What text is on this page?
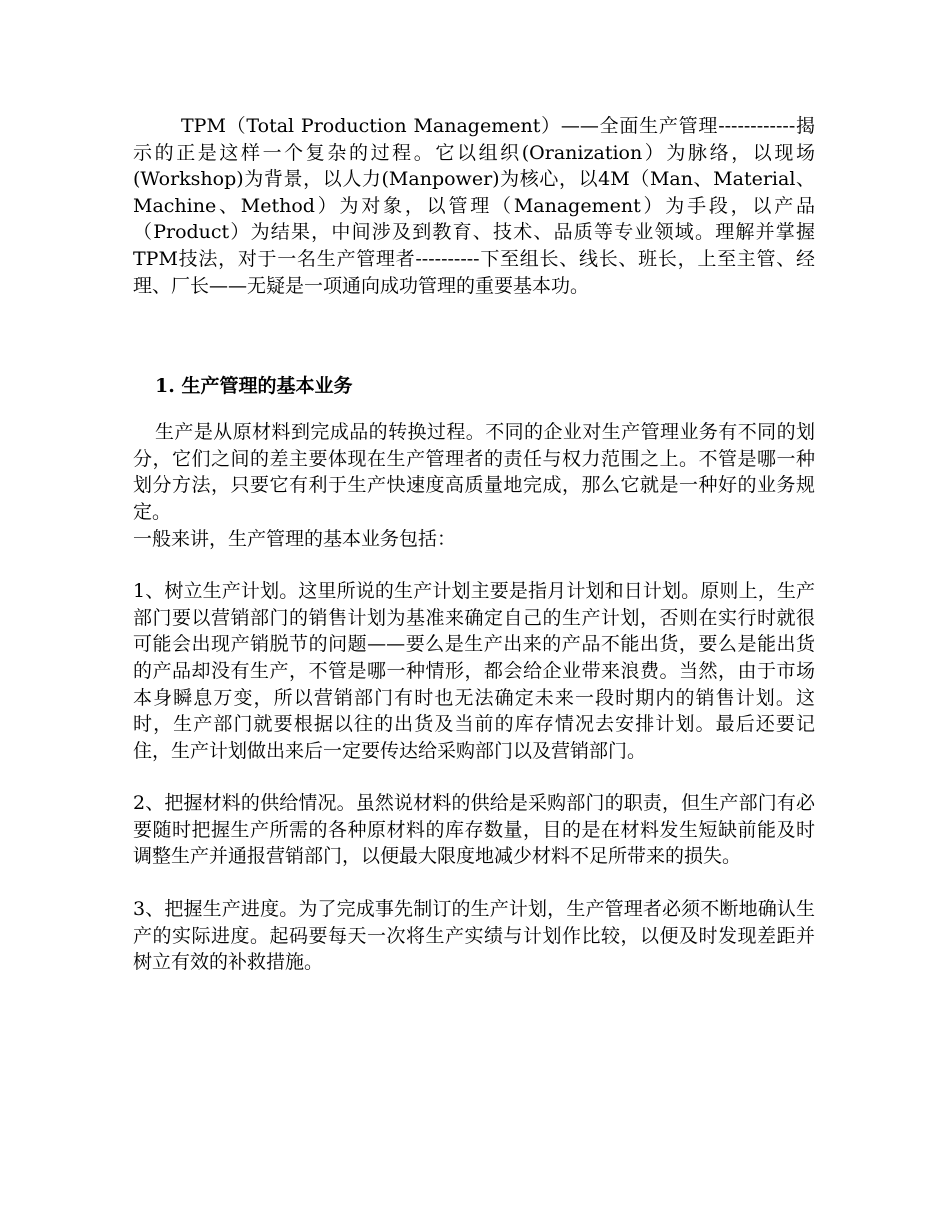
TPM（Total Production Management）——全面生产管理------------揭示的正是这样一个复杂的过程。它以组织(Oranization）为脉络，以现场(Workshop)为背景，以人力(Manpower)为核心，以4M（Man、Material、Machine、Method）为对象，以管理（Management）为手段，以产品（Product）为结果，中间涉及到教育、技术、品质等专业领域。理解并掌握TPM技法，对于一名生产管理者----------下至组长、线长、班长，上至主管、经理、厂长——无疑是一项通向成功管理的重要基本功。

1. 生产管理的基本业务

生产是从原材料到完成品的转换过程。不同的企业对生产管理业务有不同的划分，它们之间的差主要体现在生产管理者的责任与权力范围之上。不管是哪一种划分方法，只要它有利于生产快速度高质量地完成，那么它就是一种好的业务规定。

一般来讲，生产管理的基本业务包括：

1、树立生产计划。这里所说的生产计划主要是指月计划和日计划。原则上，生产部门要以营销部门的销售计划为基准来确定自己的生产计划，否则在实行时就很可能会出现产销脱节的问题——要么是生产出来的产品不能出货，要么是能出货的产品却没有生产，不管是哪一种情形，都会给企业带来浪费。当然，由于市场本身瞬息万变，所以营销部门有时也无法确定未来一段时期内的销售计划。这时，生产部门就要根据以往的出货及当前的库存情况去安排计划。最后还要记住，生产计划做出来后一定要传达给采购部门以及营销部门。

2、把握材料的供给情况。虽然说材料的供给是采购部门的职责，但生产部门有必要随时把握生产所需的各种原材料的库存数量，目的是在材料发生短缺前能及时调整生产并通报营销部门，以便最大限度地减少材料不足所带来的损失。

3、把握生产进度。为了完成事先制订的生产计划，生产管理者必须不断地确认生产的实际进度。起码要每天一次将生产实绩与计划作比较，以便及时发现差距并树立有效的补救措施。
